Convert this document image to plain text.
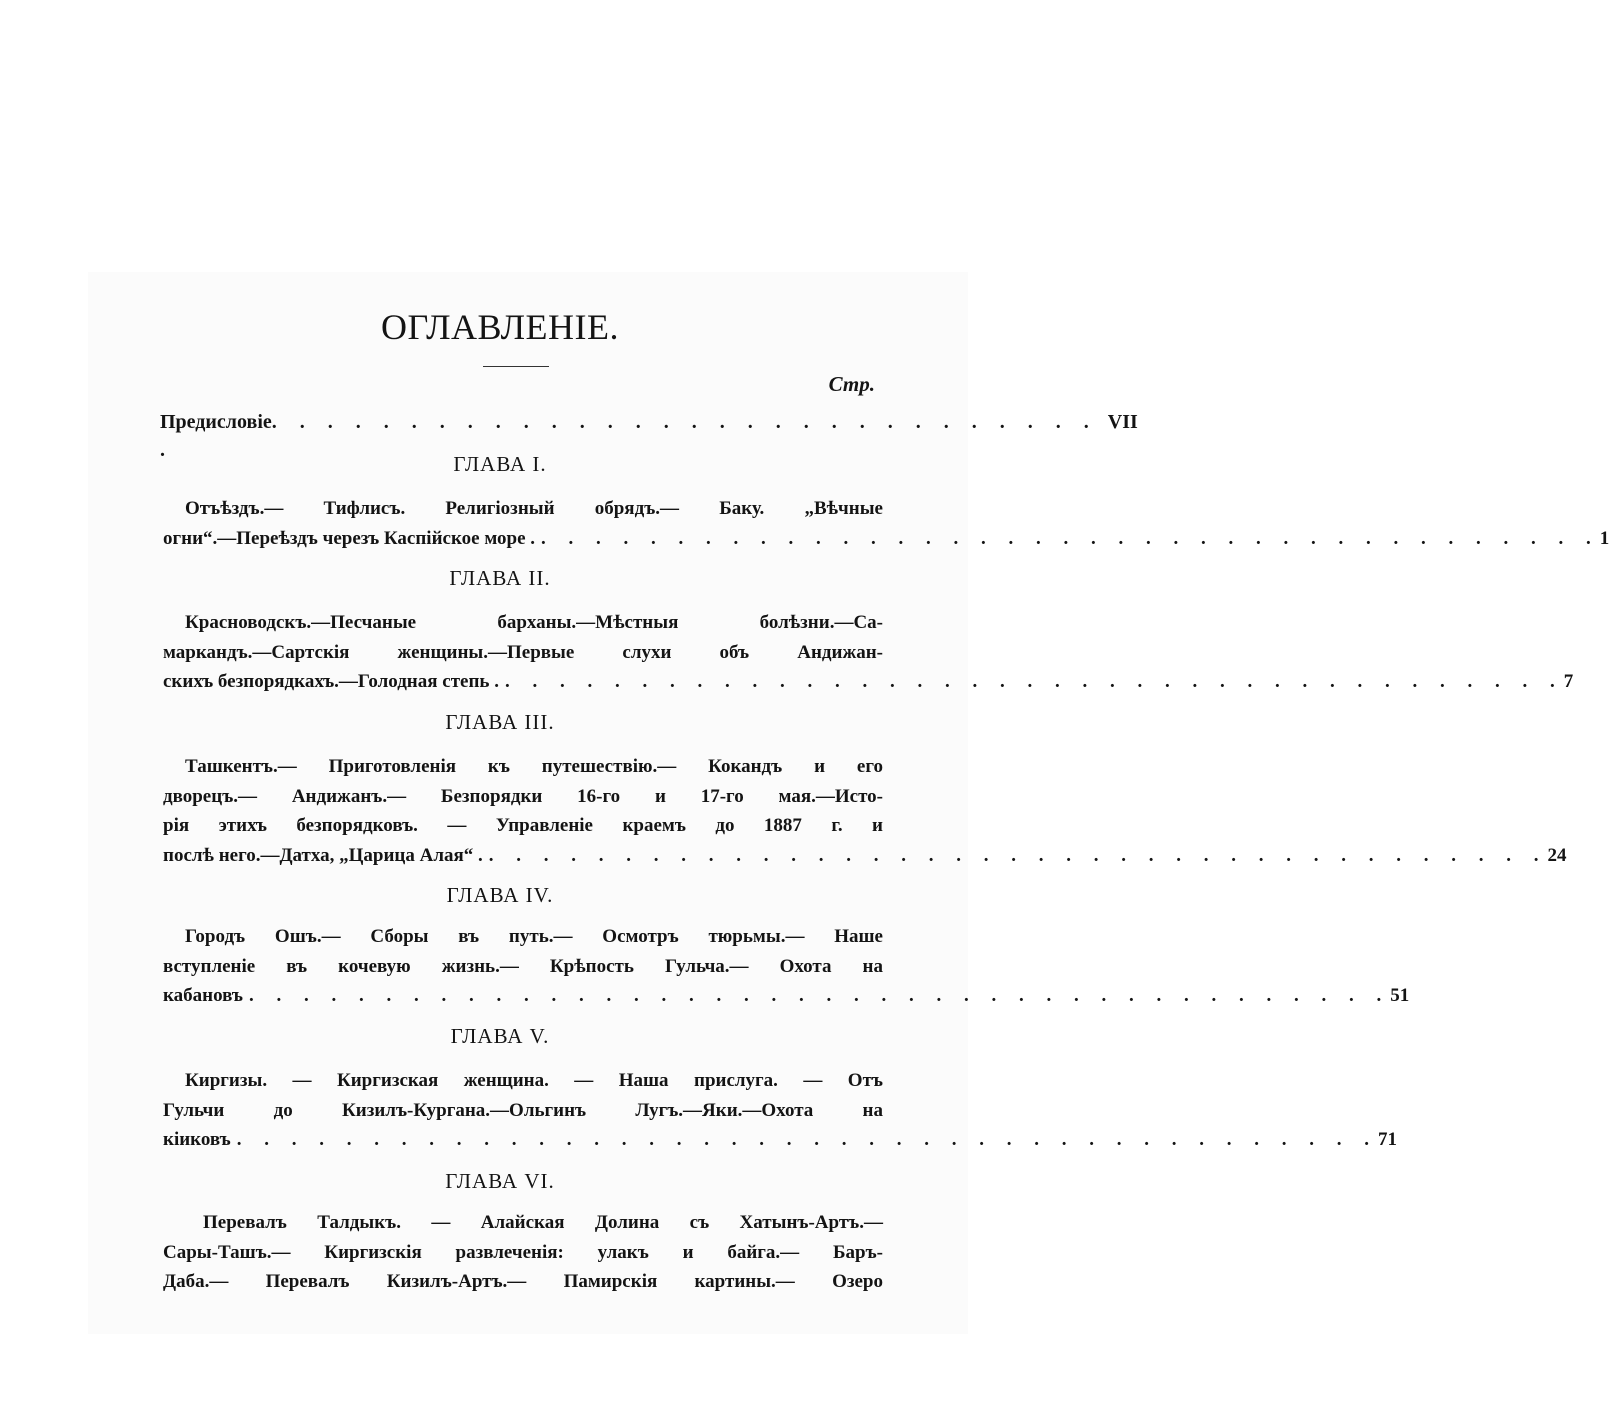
ОГЛАВЛЕНIЕ.
Стр.
Предисловiе .
. . . . . . . . . . . . . . . . . . . . . . . . . . . . . . VII
ГЛАВА I.
Отъѣздъ.— Тифлисъ. Религiозный обрядъ.— Баку. „Вѣчные
огни“.—Переѣздъ черезъ Каспiйское море . . . . . . . . . . . . . . . . . . . . . . . . . . . . . . . . . . . . . . . . 1
ГЛАВА II.
Красноводскъ.—Песчаные барханы.—Мѣстныя болѣзни.—Са-
маркандъ.—Сартскiя женщины.—Первые слухи объ Андижан-
скихъ безпорядкахъ.—Голодная степь . . . . . . . . . . . . . . . . . . . . . . . . . . . . . . . . . . . . . . . . 7
ГЛАВА III.
Ташкентъ.— Приготовленiя къ путешествiю.— Кокандъ и его
дворецъ.— Андижанъ.— Безпорядки 16-го и 17-го мая.—Исто-
рiя этихъ безпорядковъ. — Управленiе краемъ до 1887 г. и
послѣ него.—Датха, „Царица Алая“ . . . . . . . . . . . . . . . . . . . . . . . . . . . . . . . . . . . . . . . . 24
ГЛАВА IV.
Городъ Ошъ.— Сборы въ путь.— Осмотръ тюрьмы.— Наше
вступленiе въ кочевую жизнь.— Крѣпость Гульча.— Охота на
кабановъ . . . . . . . . . . . . . . . . . . . . . . . . . . . . . . . . . . . . . . . . . . 51
ГЛАВА V.
Киргизы. — Киргизская женщина. — Наша прислуга. — Отъ
Гульчи до Кизилъ-Кургана.—Ольгинъ Лугъ.—Яки.—Охота на
кiиковъ . . . . . . . . . . . . . . . . . . . . . . . . . . . . . . . . . . . . . . . . . . 71
ГЛАВА VI.
Перевалъ Талдыкъ. — Алайская Долина съ Хатынъ-Артъ.—
Сары-Ташъ.— Киргизскiя развлеченiя: улакъ и байга.— Баръ-
Даба.— Перевалъ Кизилъ-Артъ.— Памирскiя картины.— Озеро
